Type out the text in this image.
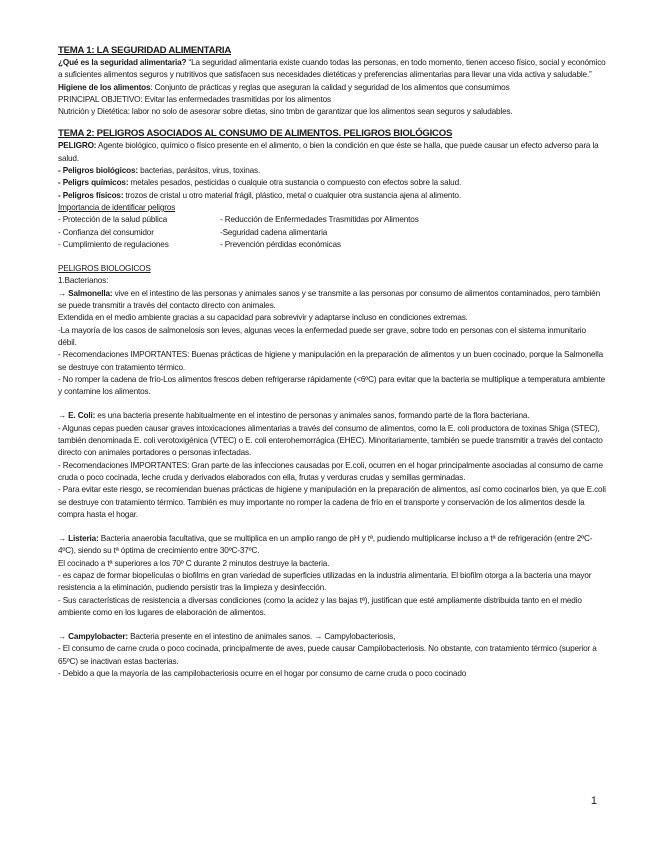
TEMA 1: LA SEGURIDAD ALIMENTARIA

¿Qué es la seguridad alimentaria? “La seguridad alimentaria existe cuando todas las personas, en todo momento, tienen acceso físico, social y económico a suficientes alimentos seguros y nutritivos que satisfacen sus necesidades dietéticas y preferencias alimentarias para llevar una vida activa y saludable.”

Higiene de los alimentos: Conjunto de prácticas y reglas que aseguran la calidad y seguridad de los alimentos que consumimos

PRINCIPAL OBJETIVO: Evitar las enfermedades trasmitidas por los alimentos

Nutrición y Dietética: labor no solo de asesorar sobre dietas, sino tmbn de garantizar que los alimentos sean seguros y saludables.

TEMA 2: PELIGROS ASOCIADOS AL CONSUMO DE ALIMENTOS. PELIGROS BIOLÓGICOS

PELIGRO: Agente biológico, químico o físico presente en el alimento, o bien la condición en que éste se halla, que puede causar un efecto adverso para la salud.

- Peligros biológicos: bacterias, parásitos, virus, toxinas.

- Peligrs químicos: metales pesados, pesticidas o cualquie otra sustancia o compuesto con efectos sobre la salud.

- Peligros físicos: trozos de cristal u otro material frágil, plástico, metal o cualquier otra sustancia ajena al alimento.

Importancia de identificar peligros

- Protección de la salud pública

- Confianza del consumidor

- Cumplimiento de regulaciones

- Reducción de Enfermedades Trasmitidas por Alimentos

-Seguridad cadena alimentaria

- Prevención pérdidas económicas

PELIGROS BIOLOGICOS

1.Bacterianos:

→ Salmonella: vive en el intestino de las personas y animales sanos y se transmite a las personas por consumo de alimentos contaminados, pero también se puede transmitir a través del contacto directo con animales.

Extendida en el medio ambiente gracias a su capacidad para sobrevivir y adaptarse incluso en condiciones extremas.

-La mayoría de los casos de salmonelosis son leves, algunas veces la enfermedad puede ser grave, sobre todo en personas con el sistema inmunitario débil.

- Recomendaciones IMPORTANTES: Buenas prácticas de higiene y manipulación en la preparación de alimentos y un buen cocinado, porque la Salmonella se destruye con tratamiento térmico.

- No romper la cadena de frío-Los alimentos frescos deben refrigerarse rápidamente (<6ºC) para evitar que la bacteria se multiplique a temperatura ambiente y contamine los alimentos.

→ E. Coli: es una bacteria presente habitualmente en el intestino de personas y animales sanos, formando parte de la flora bacteriana.

- Algunas cepas pueden causar graves intoxicaciones alimentarias a través del consumo de alimentos, como la E. coli productora de toxinas Shiga (STEC), también denominada E. coli verotoxigénica (VTEC) o E. coli enterohemorrágica (EHEC). Minoritariamente, también se puede transmitir a través del contacto directo con animales portadores o personas infectadas.

- Recomendaciones IMPORTANTES: Gran parte de las infecciones causadas por E.coli, ocurren en el hogar principalmente asociadas al consumo de carne cruda o poco cocinada, leche cruda y derivados elaborados con ella, frutas y verduras crudas y semillas germinadas.

- Para evitar este riesgo, se recomiendan buenas prácticas de higiene y manipulación en la preparación de alimentos, así como cocinarlos bien, ya que E.coli se destruye con tratamiento térmico. También es muy importante no romper la cadena de frío en el transporte y conservación de los alimentos desde la compra hasta el hogar.

→ Listeria: Bacteria anaerobia facultativa, que se multiplica en un amplio rango de pH y tª, pudiendo multiplicarse incluso a tª de refrigeración (entre 2ºC-4ºC), siendo su tª óptima de crecimiento entre 30ºC-37ºC.

El cocinado a tª superiores a los 70º C durante 2 minutos destruye la bacteria.

- es capaz de formar biopelículas o biofilms en gran variedad de superficies utilizadas en la industria alimentaria. El biofilm otorga a la bacteria una mayor resistencia a la eliminación, pudiendo persistir tras la limpieza y desinfección.

- Sus características de resistencia a diversas condiciones (como la acidez y las bajas tª), justifican que esté ampliamente distribuida tanto en el medio ambiente como en los lugares de elaboración de alimentos.

→ Campylobacter: Bacteria presente en el intestino de animales sanos. → Campylobacteriosis,

- El consumo de carne cruda o poco cocinada, principalmente de aves, puede causar Campilobacteriosis. No obstante, con tratamiento térmico (superior a 65ºC) se inactivan estas bacterias.

- Debido a que la mayoría de las campilobacteriosis ocurre en el hogar por consumo de carne cruda o poco cocinado

1
